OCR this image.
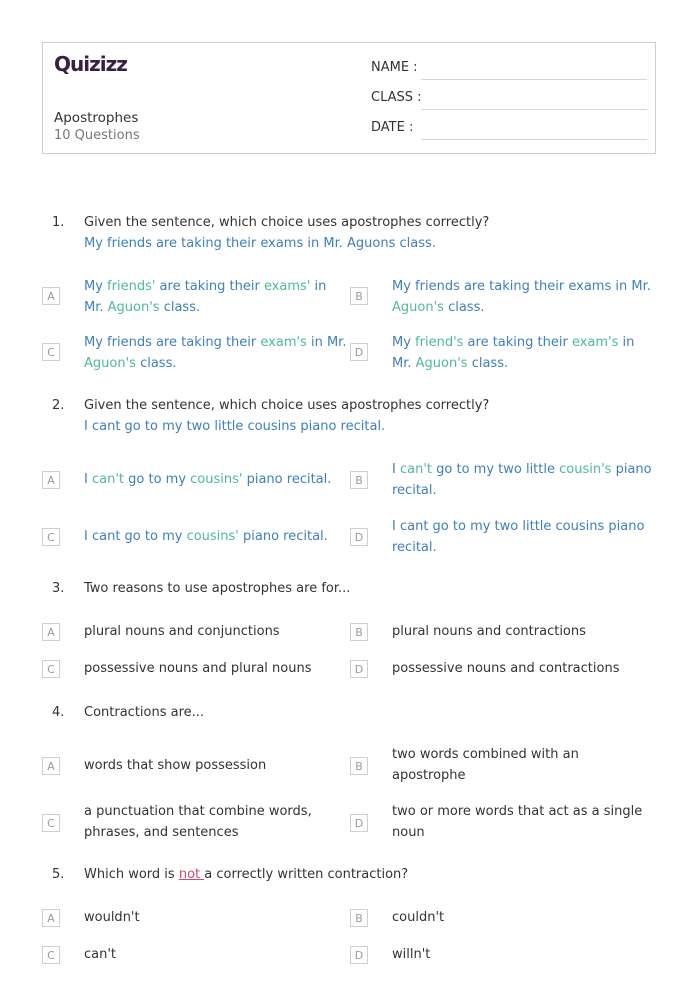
Quizizz
Apostrophes
10 Questions
NAME :
CLASS :
DATE :
1. Given the sentence, which choice uses apostrophes correctly?
My friends are taking their exams in Mr. Aguons class.
A
My friends' are taking their exams' in Mr. Aguon's class.
B
My friends are taking their exams in Mr. Aguon's class.
C
My friends are taking their exam's in Mr. Aguon's class.
D
My friend's are taking their exam's in Mr. Aguon's class.
2. Given the sentence, which choice uses apostrophes correctly?
I cant go to my two little cousins piano recital.
A	I can't go to my cousins' piano recital.	B
I can't go to my two little cousin's piano recital.
C	I cant go to my cousins' piano recital.	D
I cant go to my two little cousins piano recital.
3. Two reasons to use apostrophes are for...
A	plural nouns and conjunctions	B	plural nouns and contractions
C	possessive nouns and plural nouns	D	possessive nouns and contractions
4. Contractions are...
A	words that show possession	B
two words combined with an apostrophe
C
a punctuation that combine words, phrases, and sentences
D
two or more words that act as a single noun
5. Which word is not a correctly written contraction?
A	wouldn't	B	couldn't
C	can't	D	willn't
